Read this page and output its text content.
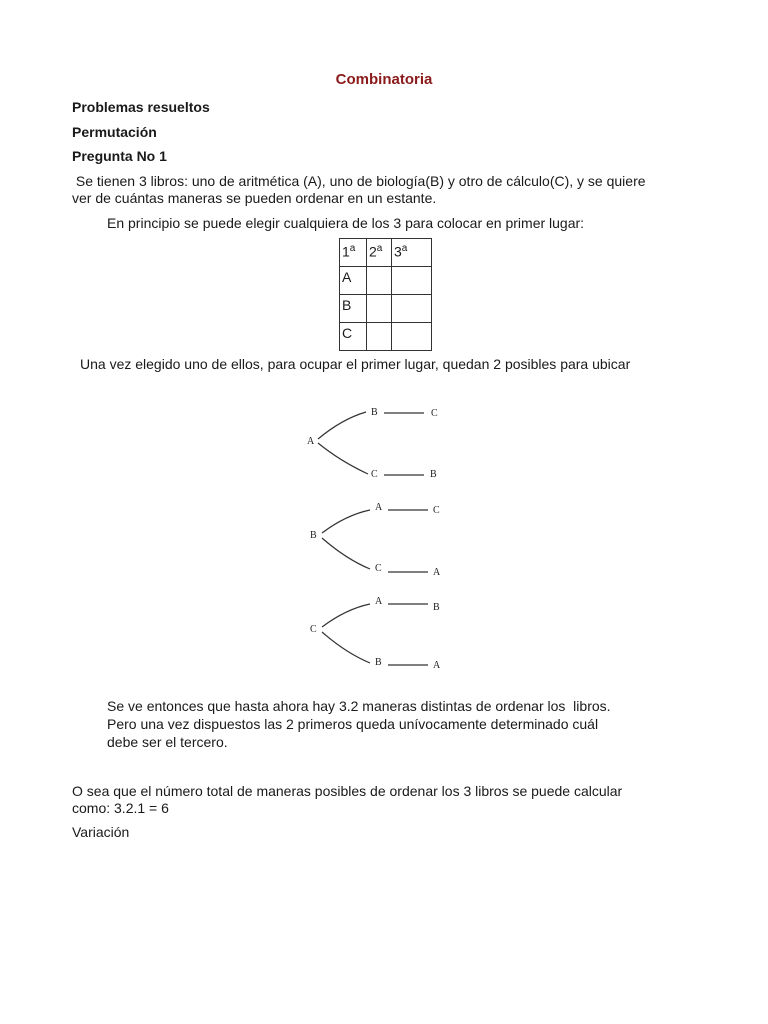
Combinatoria
Problemas resueltos
Permutación
Pregunta No 1
Se tienen 3 libros: uno de aritmética (A), uno de biología(B) y otro de cálculo(C), y se quiere
ver de cuántas maneras se pueden ordenar en un estante.
En principio se puede elegir cualquiera de los 3 para colocar en primer lugar:
1$^a$	2$^a$	3$^a$
A		
B		
C		
Una vez elegido uno de ellos, para ocupar el primer lugar, quedan 2 posibles para ubicar
A
B	C
C	B
B
A	C
C	A
C
A
B
B	A
Se ve entonces que hasta ahora hay 3.2 maneras distintas de ordenar los  libros.
Pero una vez dispuestos las 2 primeros queda unívocamente determinado cuál
debe ser el tercero.
O sea que el número total de maneras posibles de ordenar los 3 libros se puede calcular
como: 3.2.1 = 6
Variación
